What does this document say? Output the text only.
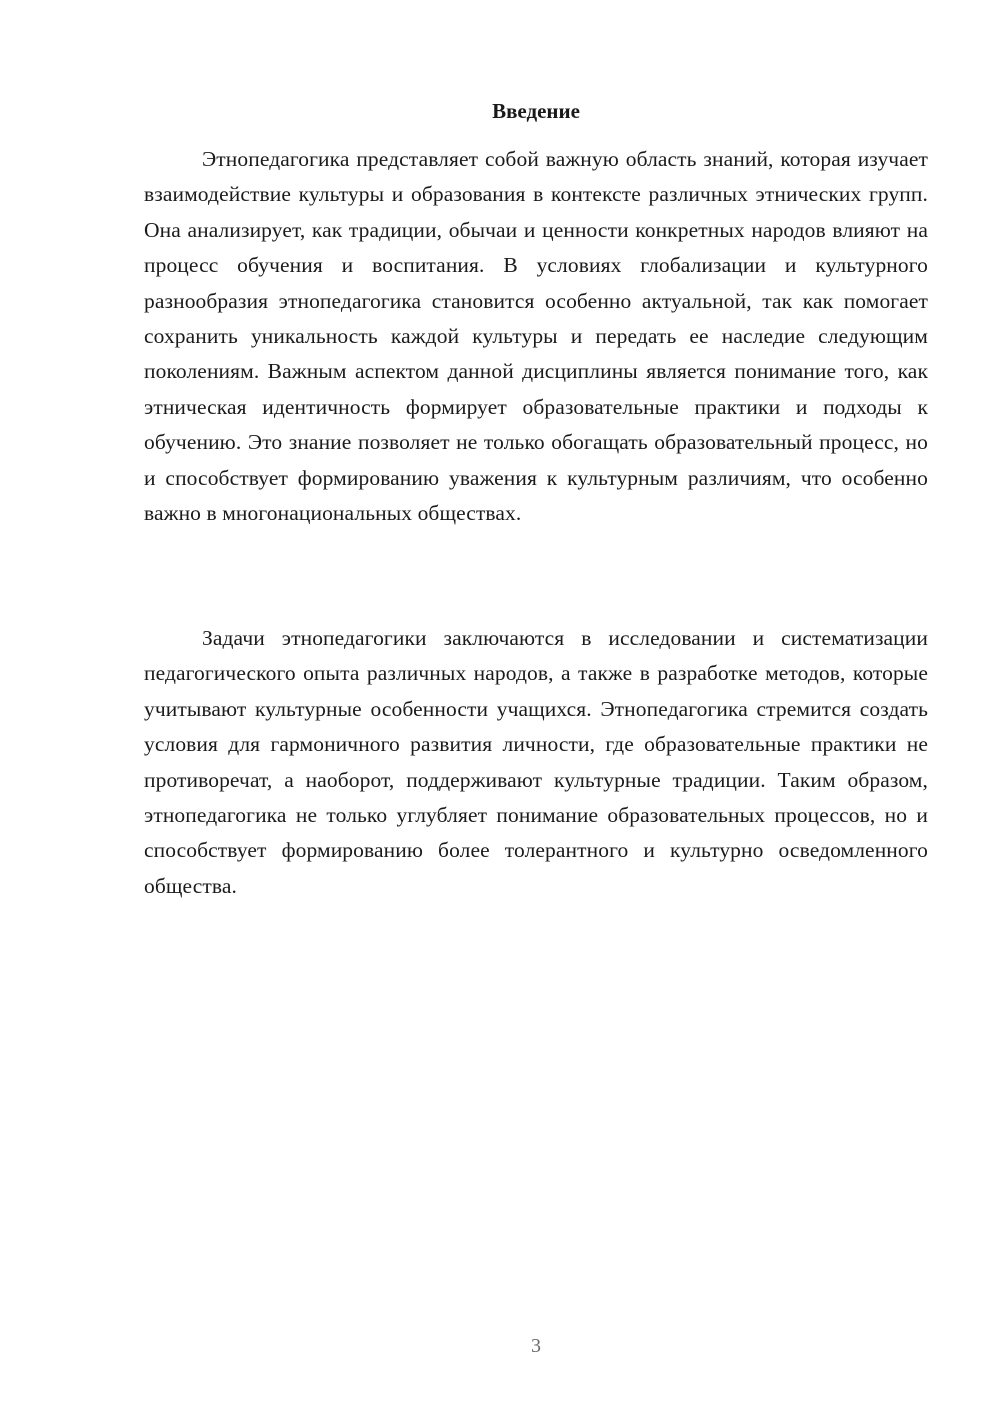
Введение

Этнопедагогика представляет собой важную область знаний, которая изучает взаимодействие культуры и образования в контексте различных этнических групп. Она анализирует, как традиции, обычаи и ценности конкретных народов влияют на процесс обучения и воспитания. В условиях глобализации и культурного разнообразия этнопедагогика становится особенно актуальной, так как помогает сохранить уникальность каждой культуры и передать ее наследие следующим поколениям. Важным аспектом данной дисциплины является понимание того, как этническая идентичность формирует образовательные практики и подходы к обучению. Это знание позволяет не только обогащать образовательный процесс, но и способствует формированию уважения к культурным различиям, что особенно важно в многонациональных обществах.

Задачи этнопедагогики заключаются в исследовании и систематизации педагогического опыта различных народов, а также в разработке методов, которые учитывают культурные особенности учащихся. Этнопедагогика стремится создать условия для гармоничного развития личности, где образовательные практики не противоречат, а наоборот, поддерживают культурные традиции. Таким образом, этнопедагогика не только углубляет понимание образовательных процессов, но и способствует формированию более толерантного и культурно осведомленного общества.

3
